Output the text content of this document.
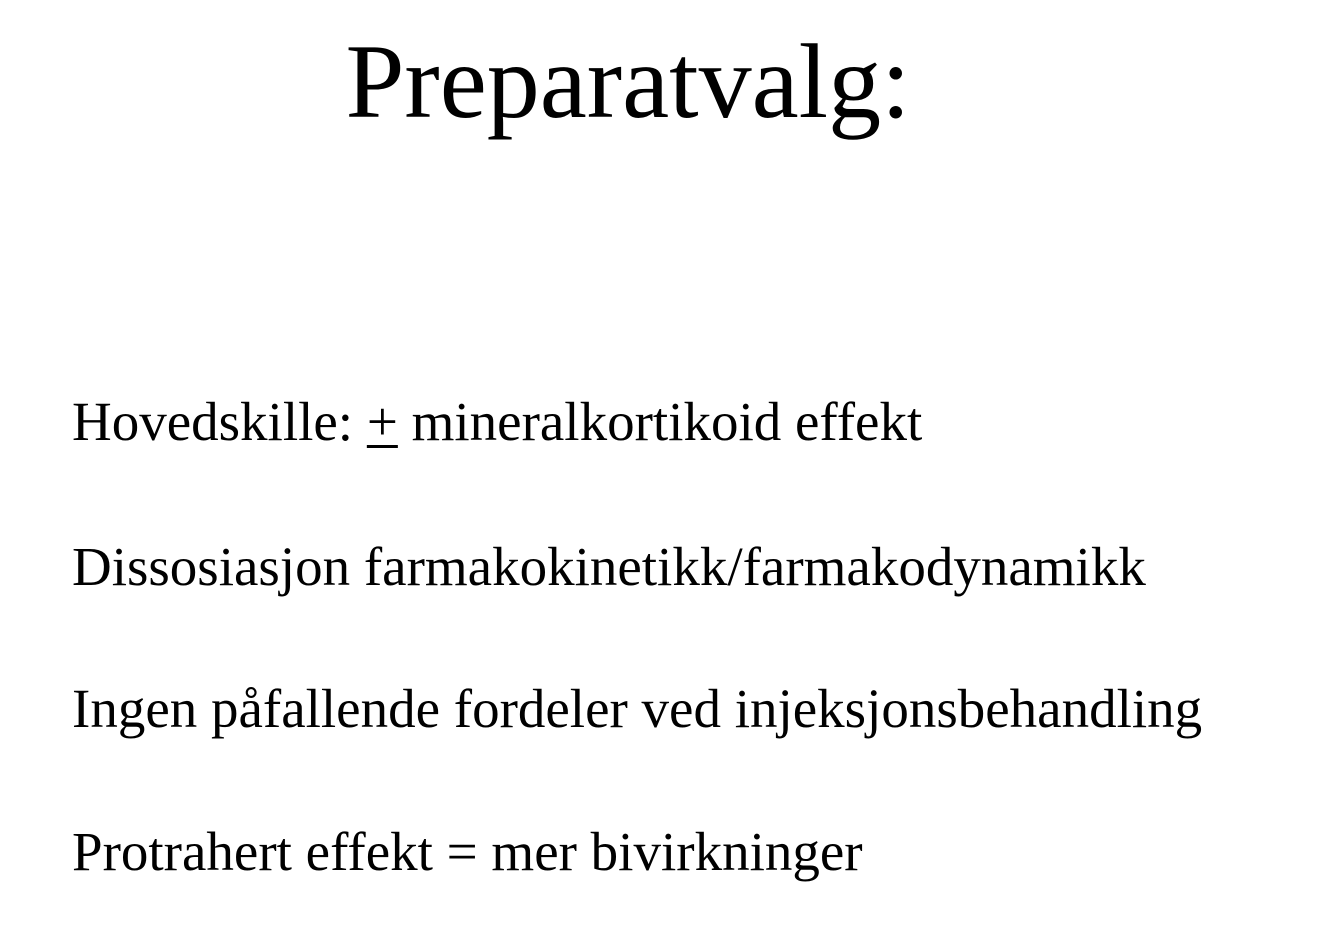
Preparatvalg:
Hovedskille: + mineralkortikoid effekt
Dissosiasjon farmakokinetikk/farmakodynamikk
Ingen påfallende fordeler ved injeksjonsbehandling
Protrahert effekt = mer bivirkninger
